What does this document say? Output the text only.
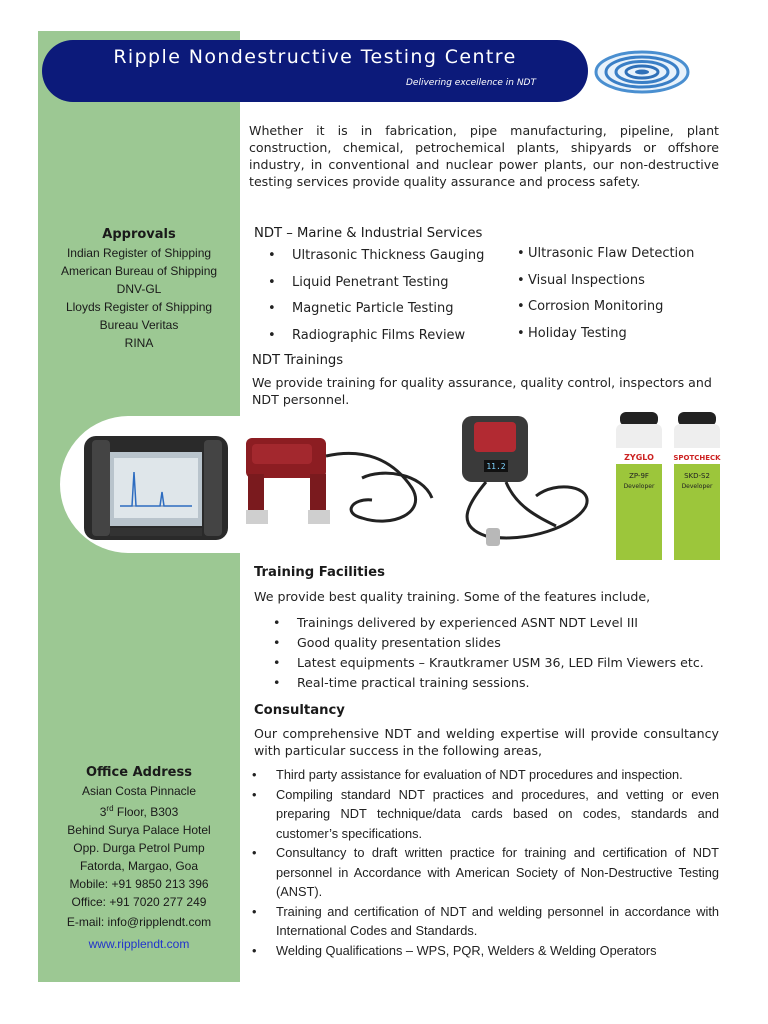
Ripple Nondestructive Testing Centre
Delivering excellence in NDT
Whether it is in fabrication, pipe manufacturing, pipeline, plant construction, chemical, petrochemical plants, shipyards or offshore industry, in conventional and nuclear power plants, our non-destructive testing services provide quality assurance and process safety.
Approvals
Indian Register of Shipping
American Bureau of Shipping
DNV-GL
Lloyds Register of Shipping
Bureau Veritas
RINA
NDT – Marine & Industrial Services
• Ultrasonic Thickness Gauging
• Liquid Penetrant Testing
• Magnetic Particle Testing
• Radiographic Films Review
• Ultrasonic Flaw Detection
• Visual Inspections
• Corrosion Monitoring
• Holiday Testing
NDT Trainings
We provide training for quality assurance, quality control, inspectors and NDT personnel.
11.2
ZYGLO
ZP-9F
Developer
SPOTCHECK
SKD-S2
Developer
Training Facilities
We provide best quality training. Some of the features include,
• Trainings delivered by experienced ASNT NDT Level III
• Good quality presentation slides
• Latest equipments – Krautkramer USM 36, LED Film Viewers etc.
• Real-time practical training sessions.
Consultancy
Our comprehensive NDT and welding expertise will provide consultancy with particular success in the following areas,
• Third party assistance for evaluation of NDT procedures and inspection.
• Compiling standard NDT practices and procedures, and vetting or even preparing NDT technique/data cards based on codes, standards and customer’s specifications.
• Consultancy to draft written practice for training and certification of NDT personnel in Accordance with American Society of Non-Destructive Testing (ANST).
• Training and certification of NDT and welding personnel in accordance with International Codes and Standards.
• Welding Qualifications – WPS, PQR, Welders & Welding Operators
Office Address
Asian Costa Pinnacle
3rd Floor, B303
Behind Surya Palace Hotel
Opp. Durga Petrol Pump
Fatorda, Margao, Goa
Mobile: +91 9850 213 396
Office: +91 7020 277 249
E-mail: info@ripplendt.com
www.ripplendt.com
